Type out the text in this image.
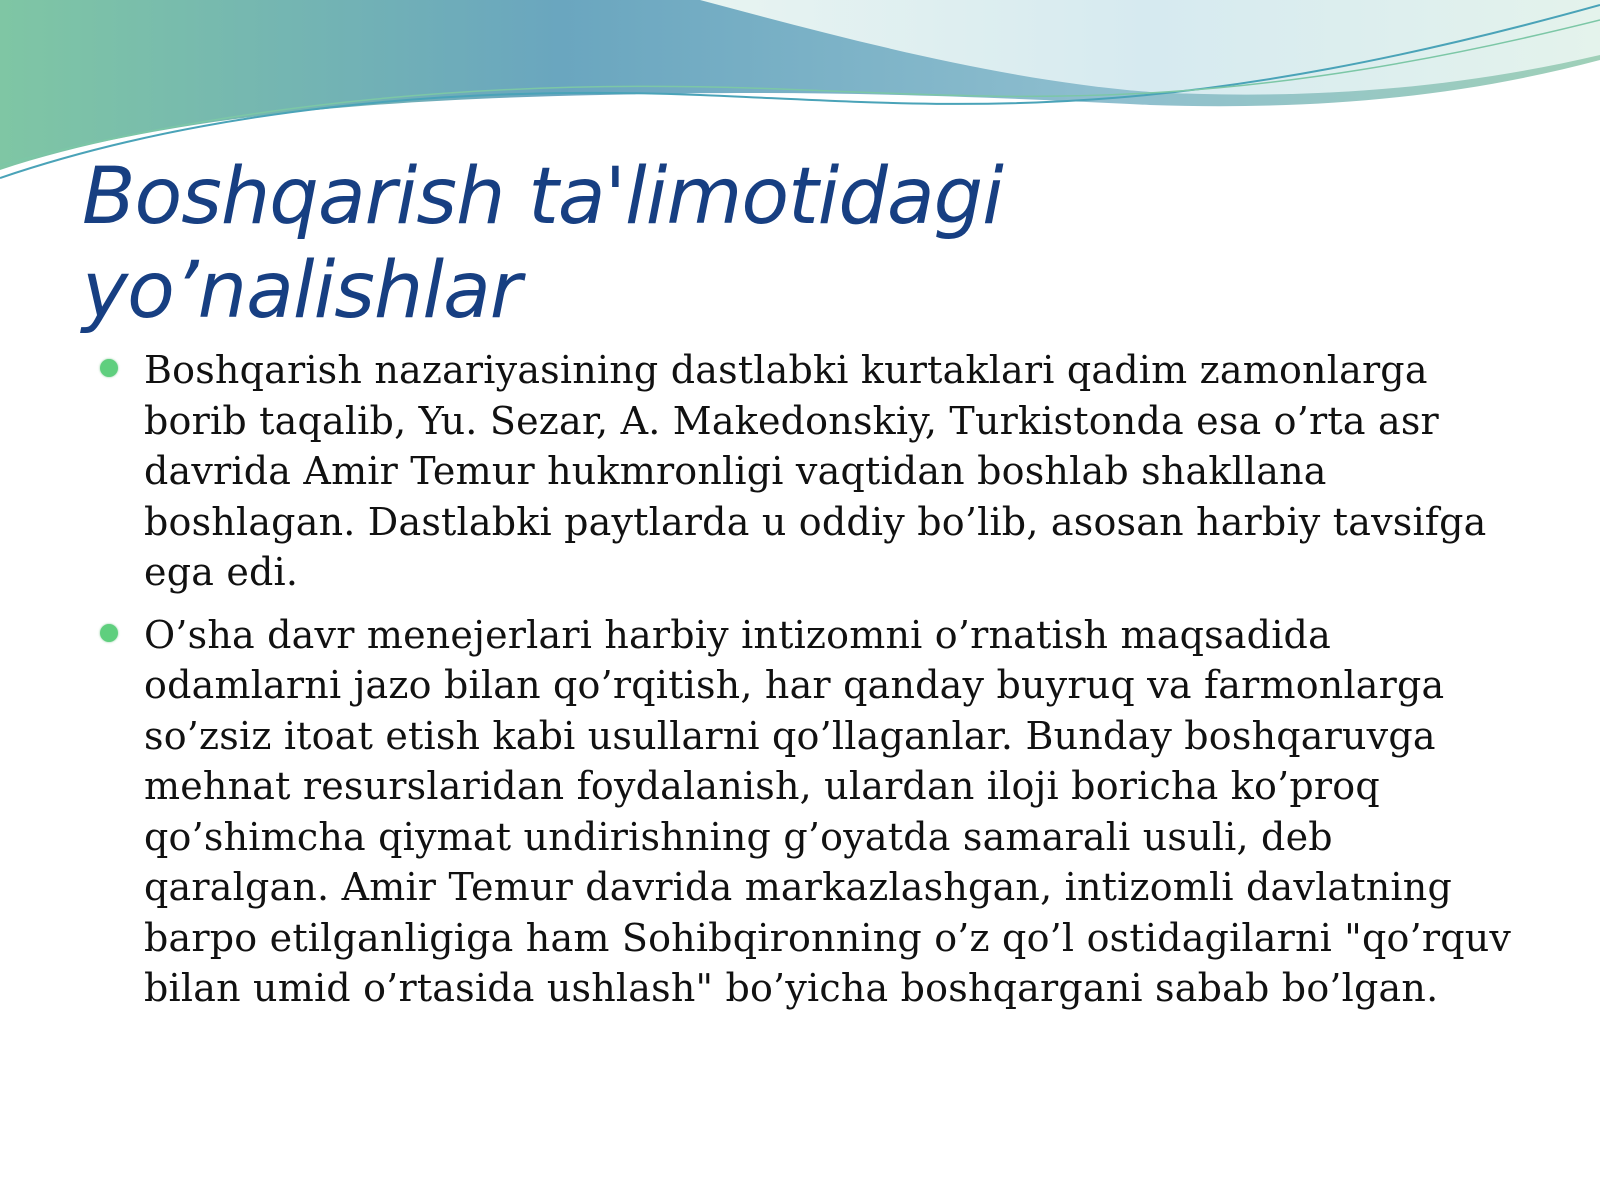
Boshqarish ta'limotidagi yo’nalishlar
Boshqarish nazariyasining dastlabki kurtaklari qadim zamonlarga borib taqalib, Yu. Sezar, A. Makedonskiy, Turkistonda esa o’rta asr davrida Amir Temur hukmronligi vaqtidan boshlab shakllana boshlagan. Dastlabki paytlarda u oddiy bo’lib, asosan harbiy tavsifga ega edi.
O’sha davr menejerlari harbiy intizomni o’rnatish maqsadida odamlarni jazo bilan qo’rqitish, har qanday buyruq va farmonlarga so’zsiz itoat etish kabi usullarni qo’llaganlar. Bunday boshqaruvga mehnat resurslaridan foydalanish, ulardan iloji boricha ko’proq qo’shimcha qiymat undirishning g’oyatda samarali usuli, deb qaralgan. Amir Temur davrida markazlashgan, intizomli davlatning barpo etilganligiga ham Sohibqironning o’z qo’l ostidagilarni "qo’rquv bilan umid o’rtasida ushlash" bo’yicha boshqargani sabab bo’lgan.
